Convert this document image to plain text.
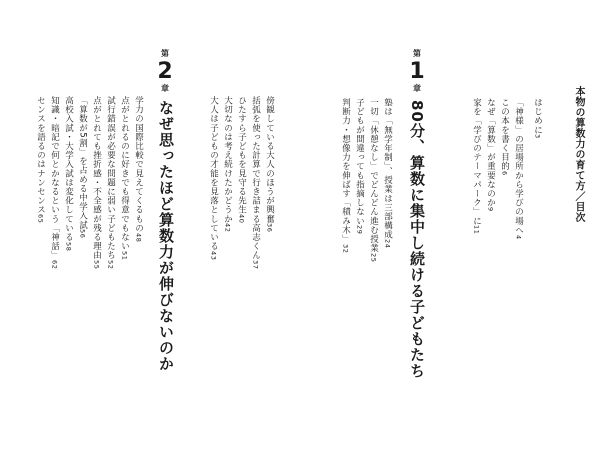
本物の算数力の育て方／目次
はじめに3
「神様」の居場所から学びの場へ4
この本を書く目的6
なぜ「算数」が重要なのか9
家を「学びのテーマパーク」に11
第
1
章
80分、算数に集中し続ける子どもたち
塾は「無学年制」、授業は三部構成24
一切「休憩なし」でどんどん進む授業25
子どもが間違っても指摘しない29
判断力・想像力を伸ばす「積み木」32
第
2
章
なぜ思ったほど算数力が伸びないのか	傍観している大人のほうが興奮36
括弧を使った計算で行き詰まる高志くん37
ひたすら子どもを見守る先生40
大切なのは考え続けたかどうか42
大人は子どもの才能を見落としている43
学力の国際比較で見えてくるもの48
点がとれるのに好きでも得意でもない51
試行錯誤が必要な問題に弱い子どもたち52
点がとれても挫折感・不全感が残る理由55
「算数が5割」を占める中学入試56
高校入試・大学入試は変化している58
知識・暗記で何とかなるという「神話」62
センスを語るのはナンセンス65
